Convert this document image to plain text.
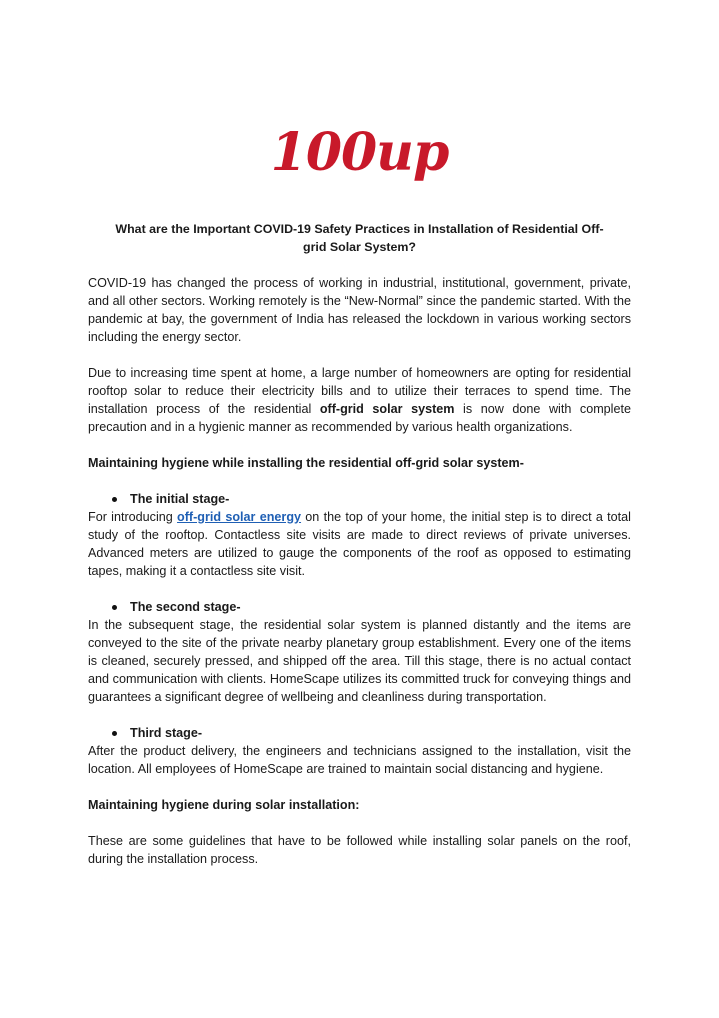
100up

What are the Important COVID-19 Safety Practices in Installation of Residential Off-grid Solar System?

COVID-19 has changed the process of working in industrial, institutional, government, private, and all other sectors. Working remotely is the “New-Normal” since the pandemic started. With the pandemic at bay, the government of India has released the lockdown in various working sectors including the energy sector.

Due to increasing time spent at home, a large number of homeowners are opting for residential rooftop solar to reduce their electricity bills and to utilize their terraces to spend time. The installation process of the residential off-grid solar system is now done with complete precaution and in a hygienic manner as recommended by various health organizations.

Maintaining hygiene while installing the residential off-grid solar system-

The initial stage-

For introducing off-grid solar energy on the top of your home, the initial step is to direct a total study of the rooftop. Contactless site visits are made to direct reviews of private universes. Advanced meters are utilized to gauge the components of the roof as opposed to estimating tapes, making it a contactless site visit.

The second stage-

In the subsequent stage, the residential solar system is planned distantly and the items are conveyed to the site of the private nearby planetary group establishment. Every one of the items is cleaned, securely pressed, and shipped off the area. Till this stage, there is no actual contact and communication with clients. HomeScape utilizes its committed truck for conveying things and guarantees a significant degree of wellbeing and cleanliness during transportation.

Third stage-

After the product delivery, the engineers and technicians assigned to the installation, visit the location. All employees of HomeScape are trained to maintain social distancing and hygiene.

Maintaining hygiene during solar installation:

These are some guidelines that have to be followed while installing solar panels on the roof, during the installation process.
